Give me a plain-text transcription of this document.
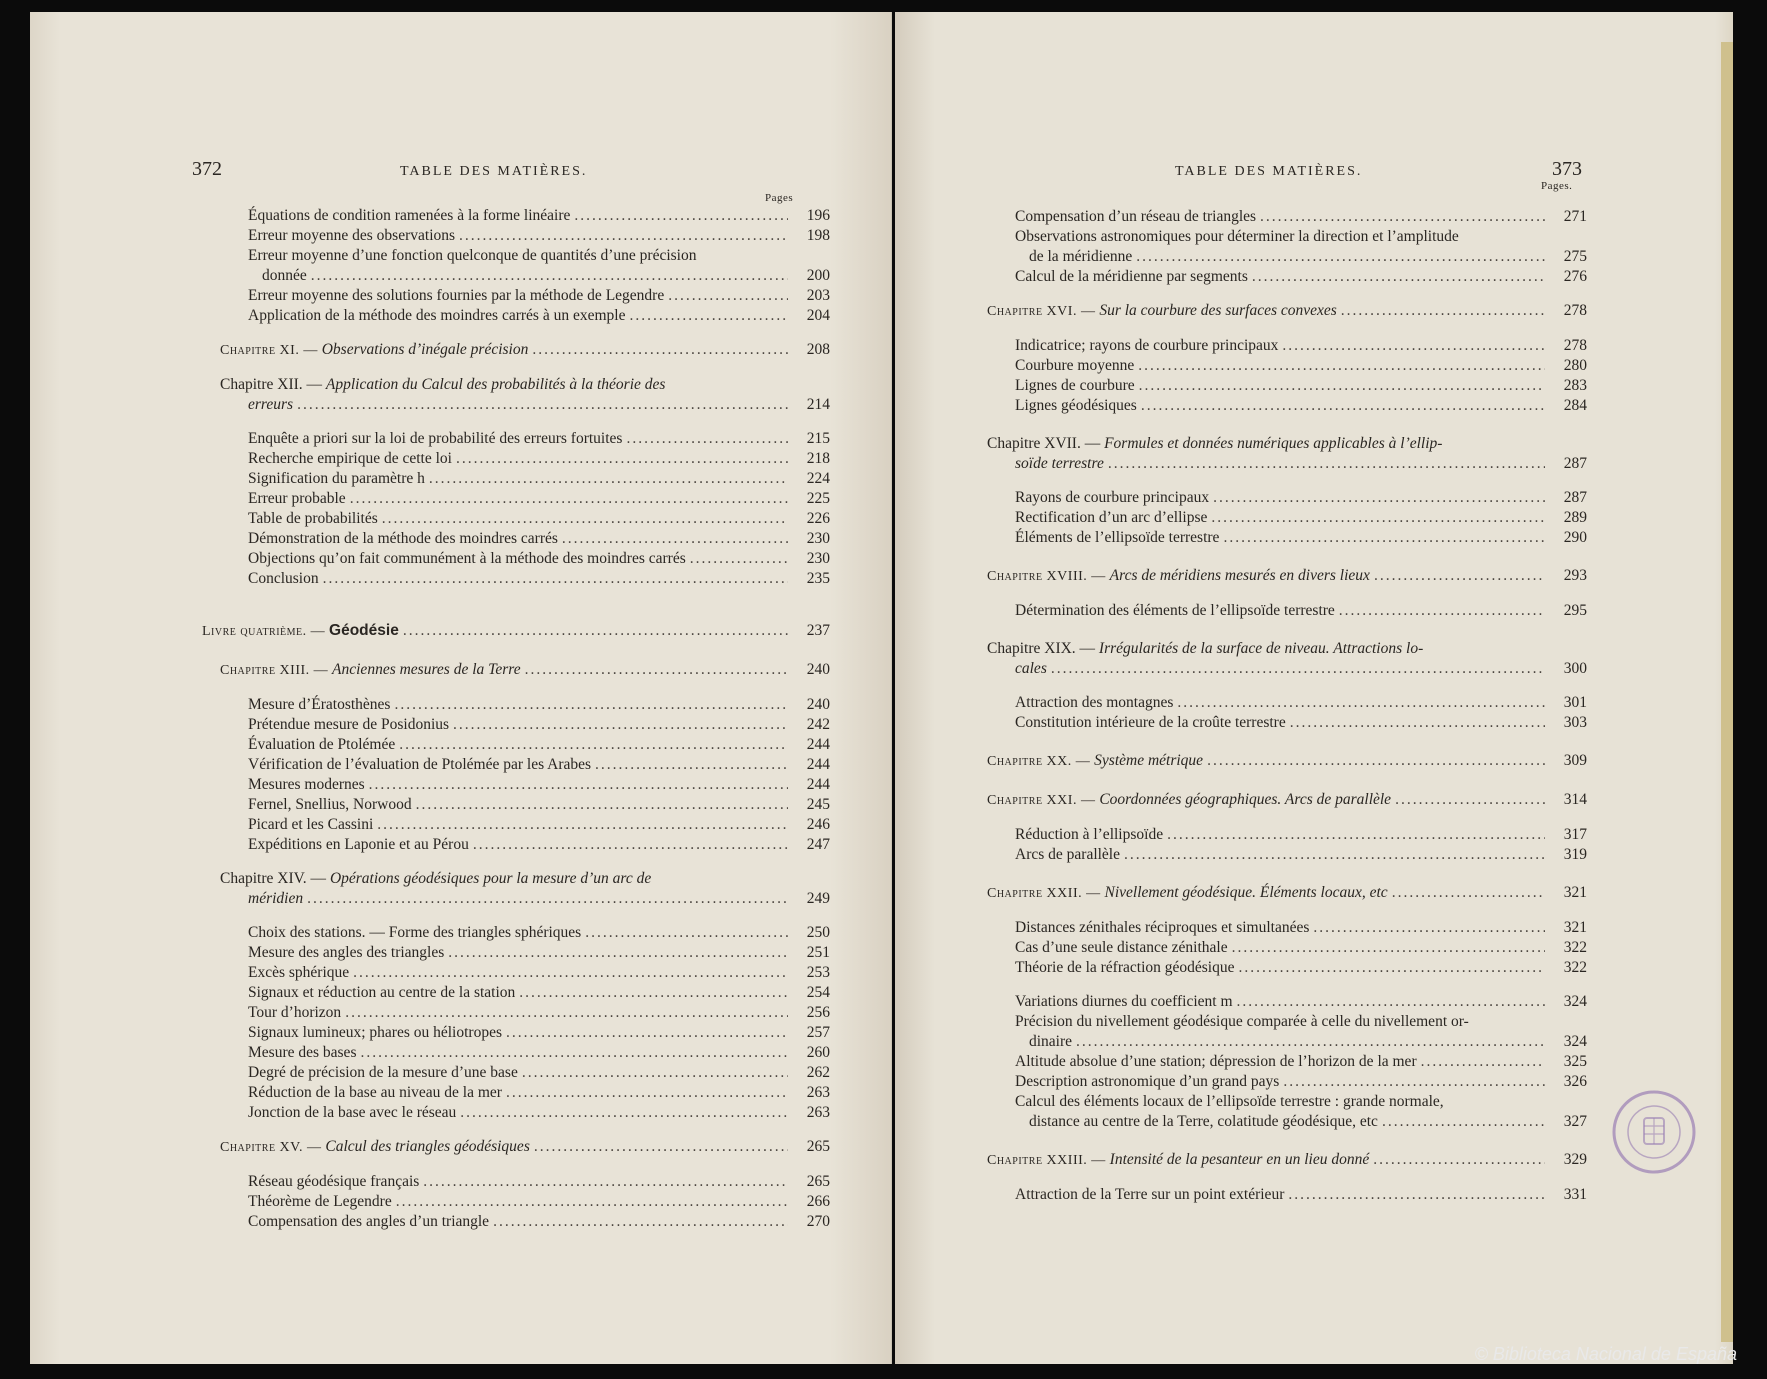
372	TABLE DES MATIÈRES.
Pages
Équations de condition ramenées à la forme linéaire .....	196
Erreur moyenne des observations .....	198
Erreur moyenne d’une fonction quelconque de quantités d’une précision
donnée .....	200
Erreur moyenne des solutions fournies par la méthode de Legendre .....	203
Application de la méthode des moindres carrés à un exemple .....	204
Chapitre XI. — Observations d’inégale précision .....	208
Chapitre XII. — Application du Calcul des probabilités à la théorie des
erreurs .....	214
Enquête a priori sur la loi de probabilité des erreurs fortuites .....	215
Recherche empirique de cette loi .....	218
Signification du paramètre h .....	224
Erreur probable .....	225
Table de probabilités .....	226
Démonstration de la méthode des moindres carrés .....	230
Objections qu’on fait communément à la méthode des moindres carrés .....	230
Conclusion .....	235
Livre quatrième. — Géodésie .....	237
Chapitre XIII. — Anciennes mesures de la Terre .....	240
Mesure d’Ératosthènes .....	240
Prétendue mesure de Posidonius .....	242
Évaluation de Ptolémée .....	244
Vérification de l’évaluation de Ptolémée par les Arabes .....	244
Mesures modernes .....	244
Fernel, Snellius, Norwood .....	245
Picard et les Cassini .....	246
Expéditions en Laponie et au Pérou .....	247
Chapitre XIV. — Opérations géodésiques pour la mesure d’un arc de
méridien .....	249
Choix des stations. — Forme des triangles sphériques .....	250
Mesure des angles des triangles .....	251
Excès sphérique .....	253
Signaux et réduction au centre de la station .....	254
Tour d’horizon .....	256
Signaux lumineux; phares ou héliotropes .....	257
Mesure des bases .....	260
Degré de précision de la mesure d’une base .....	262
Réduction de la base au niveau de la mer .....	263
Jonction de la base avec le réseau .....	263
Chapitre XV. — Calcul des triangles géodésiques .....	265
Réseau géodésique français .....	265
Théorème de Legendre .....	266
Compensation des angles d’un triangle .....	270
TABLE DES MATIÈRES.	373
Pages.
Compensation d’un réseau de triangles .....	271
Observations astronomiques pour déterminer la direction et l’amplitude
de la méridienne .....	275
Calcul de la méridienne par segments .....	276
Chapitre XVI. — Sur la courbure des surfaces convexes .....	278
Indicatrice; rayons de courbure principaux .....	278
Courbure moyenne .....	280
Lignes de courbure .....	283
Lignes géodésiques .....	284
Chapitre XVII. — Formules et données numériques applicables à l’ellip-
soïde terrestre .....	287
Rayons de courbure principaux .....	287
Rectification d’un arc d’ellipse .....	289
Éléments de l’ellipsoïde terrestre .....	290
Chapitre XVIII. — Arcs de méridiens mesurés en divers lieux .....	293
Détermination des éléments de l’ellipsoïde terrestre .....	295
Chapitre XIX. — Irrégularités de la surface de niveau. Attractions lo-
cales .....	300
Attraction des montagnes .....	301
Constitution intérieure de la croûte terrestre .....	303
Chapitre XX. — Système métrique .....	309
Chapitre XXI. — Coordonnées géographiques. Arcs de parallèle .....	314
Réduction à l’ellipsoïde .....	317
Arcs de parallèle .....	319
Chapitre XXII. — Nivellement géodésique. Éléments locaux, etc .....	321
Distances zénithales réciproques et simultanées .....	321
Cas d’une seule distance zénithale .....	322
Théorie de la réfraction géodésique .....	322
Variations diurnes du coefficient m .....	324
Précision du nivellement géodésique comparée à celle du nivellement or-
dinaire .....	324
Altitude absolue d’une station; dépression de l’horizon de la mer .....	325
Description astronomique d’un grand pays .....	326
Calcul des éléments locaux de l’ellipsoïde terrestre : grande normale,
distance au centre de la Terre, colatitude géodésique, etc .....	327
Chapitre XXIII. — Intensité de la pesanteur en un lieu donné .....	329
Attraction de la Terre sur un point extérieur .....	331
© Biblioteca Nacional de España
